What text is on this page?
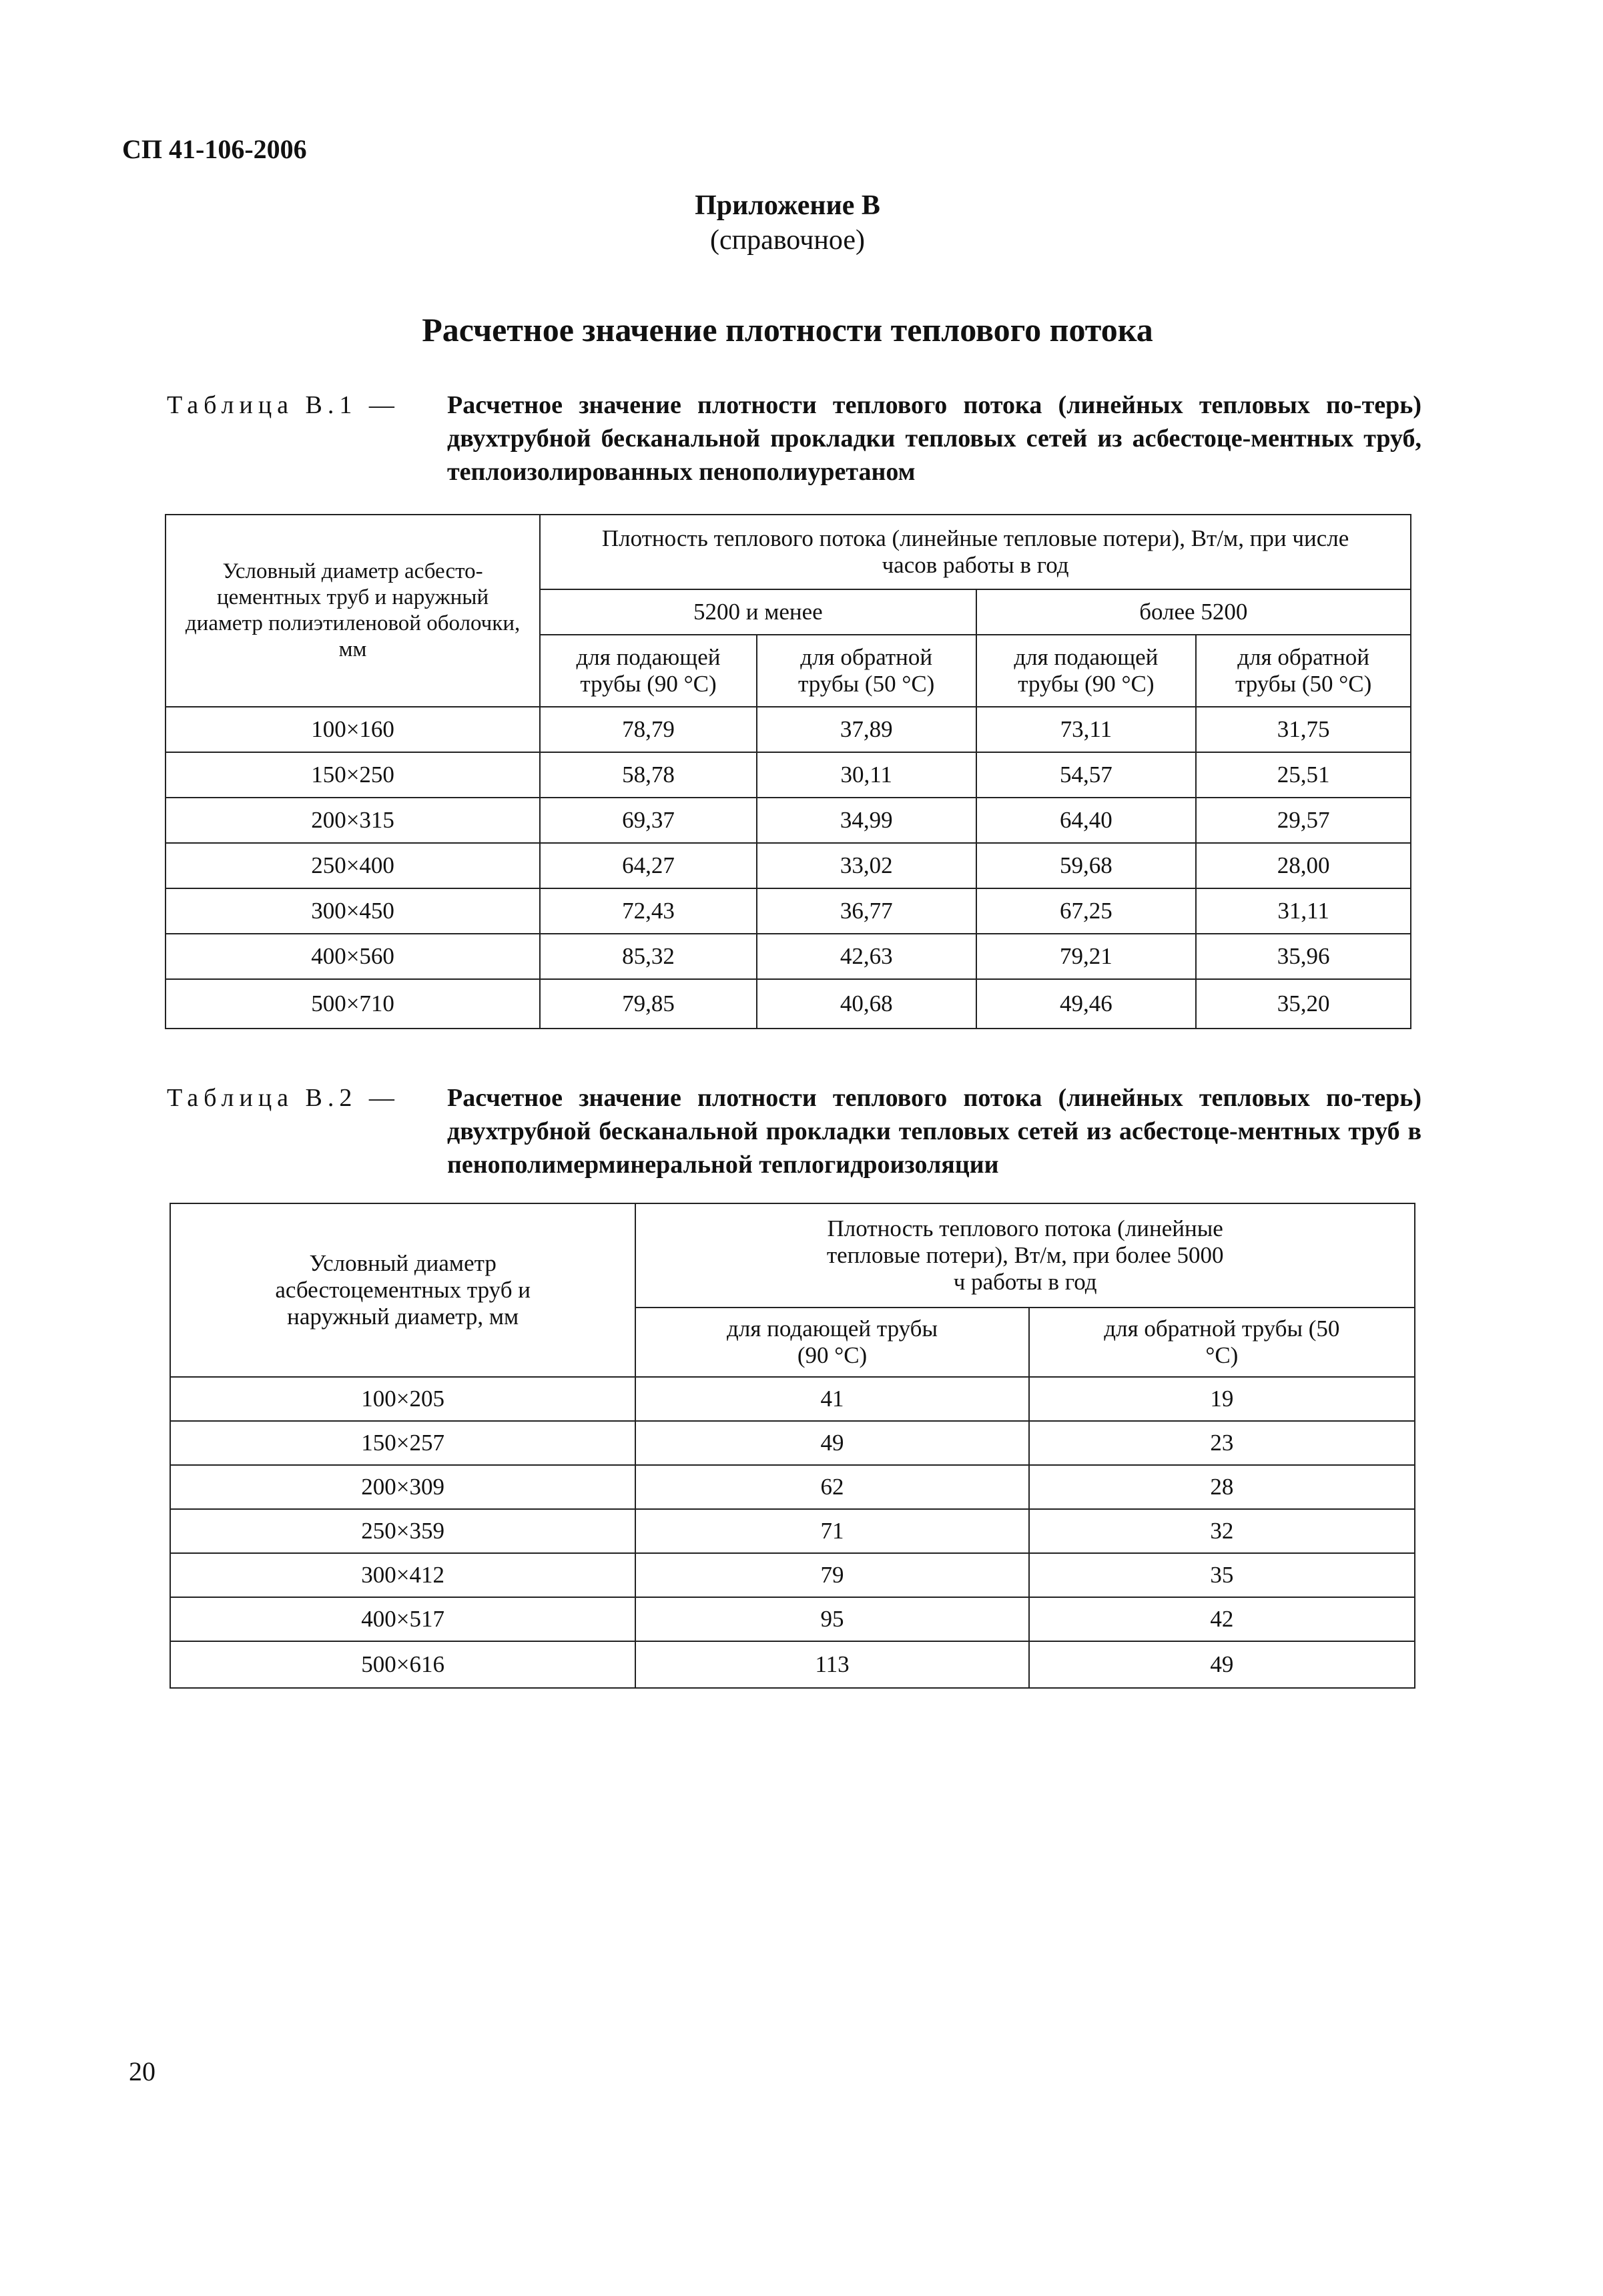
СП 41-106-2006
Приложение В
(справочное)
Расчетное значение плотности теплового потока
Таблица В.1 — Расчетное значение плотности теплового потока (линейных тепловых по-терь) двухтрубной бесканальной прокладки тепловых сетей из асбестоце-ментных труб, теплоизолированных пенополиуретаном
Условный диаметр асбесто-цементных труб и наружный диаметр полиэтиленовой оболочки, мм	Плотность теплового потока (линейные тепловые потери), Вт/м, при числе часов работы в год			
	5200 и менее		более 5200	
	для подающей трубы (90 °С)	для обратной трубы (50 °С)	для подающей трубы (90 °С)	для обратной трубы (50 °С)
100×160	78,79	37,89	73,11	31,75
150×250	58,78	30,11	54,57	25,51
200×315	69,37	34,99	64,40	29,57
250×400	64,27	33,02	59,68	28,00
300×450	72,43	36,77	67,25	31,11
400×560	85,32	42,63	79,21	35,96
500×710	79,85	40,68	49,46	35,20
Таблица В.2 — Расчетное значение плотности теплового потока (линейных тепловых по-терь) двухтрубной бесканальной прокладки тепловых сетей из асбестоце-ментных труб в пенополимерминеральной теплогидроизоляции
Условный диаметр асбестоцементных труб и наружный диаметр, мм	Плотность теплового потока (линейные тепловые потери), Вт/м, при более 5000 ч работы в год	
	для подающей трубы (90 °С)	для обратной трубы (50 °С)
100×205	41	19
150×257	49	23
200×309	62	28
250×359	71	32
300×412	79	35
400×517	95	42
500×616	113	49
20
